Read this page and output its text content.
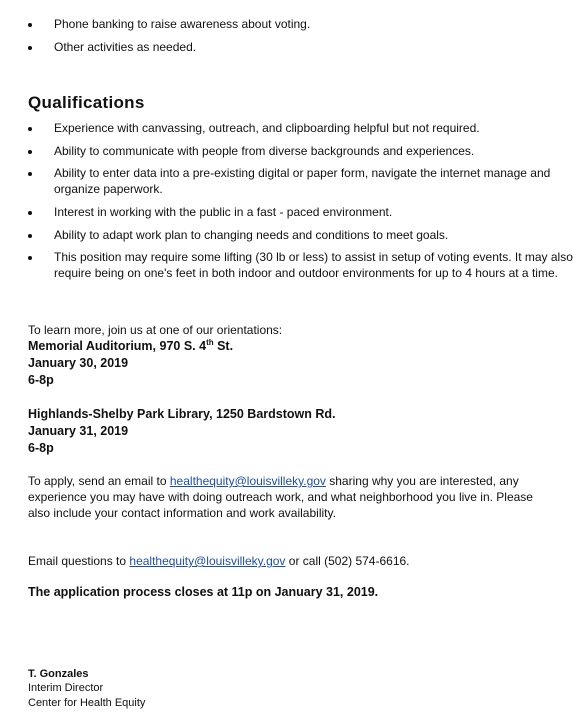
Phone banking to raise awareness about voting.
Other activities as needed.
Qualifications
Experience with canvassing, outreach, and clipboarding helpful but not required.
Ability to communicate with people from diverse backgrounds and experiences.
Ability to enter data into a pre-existing digital or paper form, navigate the internet manage and organize paperwork.
Interest in working with the public in a fast - paced environment.
Ability to adapt work plan to changing needs and conditions to meet goals.
This position may require some lifting (30 lb or less) to assist in setup of voting events. It may also require being on one's feet in both indoor and outdoor environments for up to 4 hours at a time.
To learn more, join us at one of our orientations:
Memorial Auditorium, 970 S. 4th St.
January 30, 2019
6-8p
Highlands-Shelby Park Library, 1250 Bardstown Rd.
January 31, 2019
6-8p
To apply, send an email to healthequity@louisvilleky.gov sharing why you are interested, any experience you may have with doing outreach work, and what neighborhood you live in. Please also include your contact information and work availability.
Email questions to healthequity@louisvilleky.gov or call (502) 574-6616.
The application process closes at 11p on January 31, 2019.
T. Gonzales
Interim Director
Center for Health Equity
